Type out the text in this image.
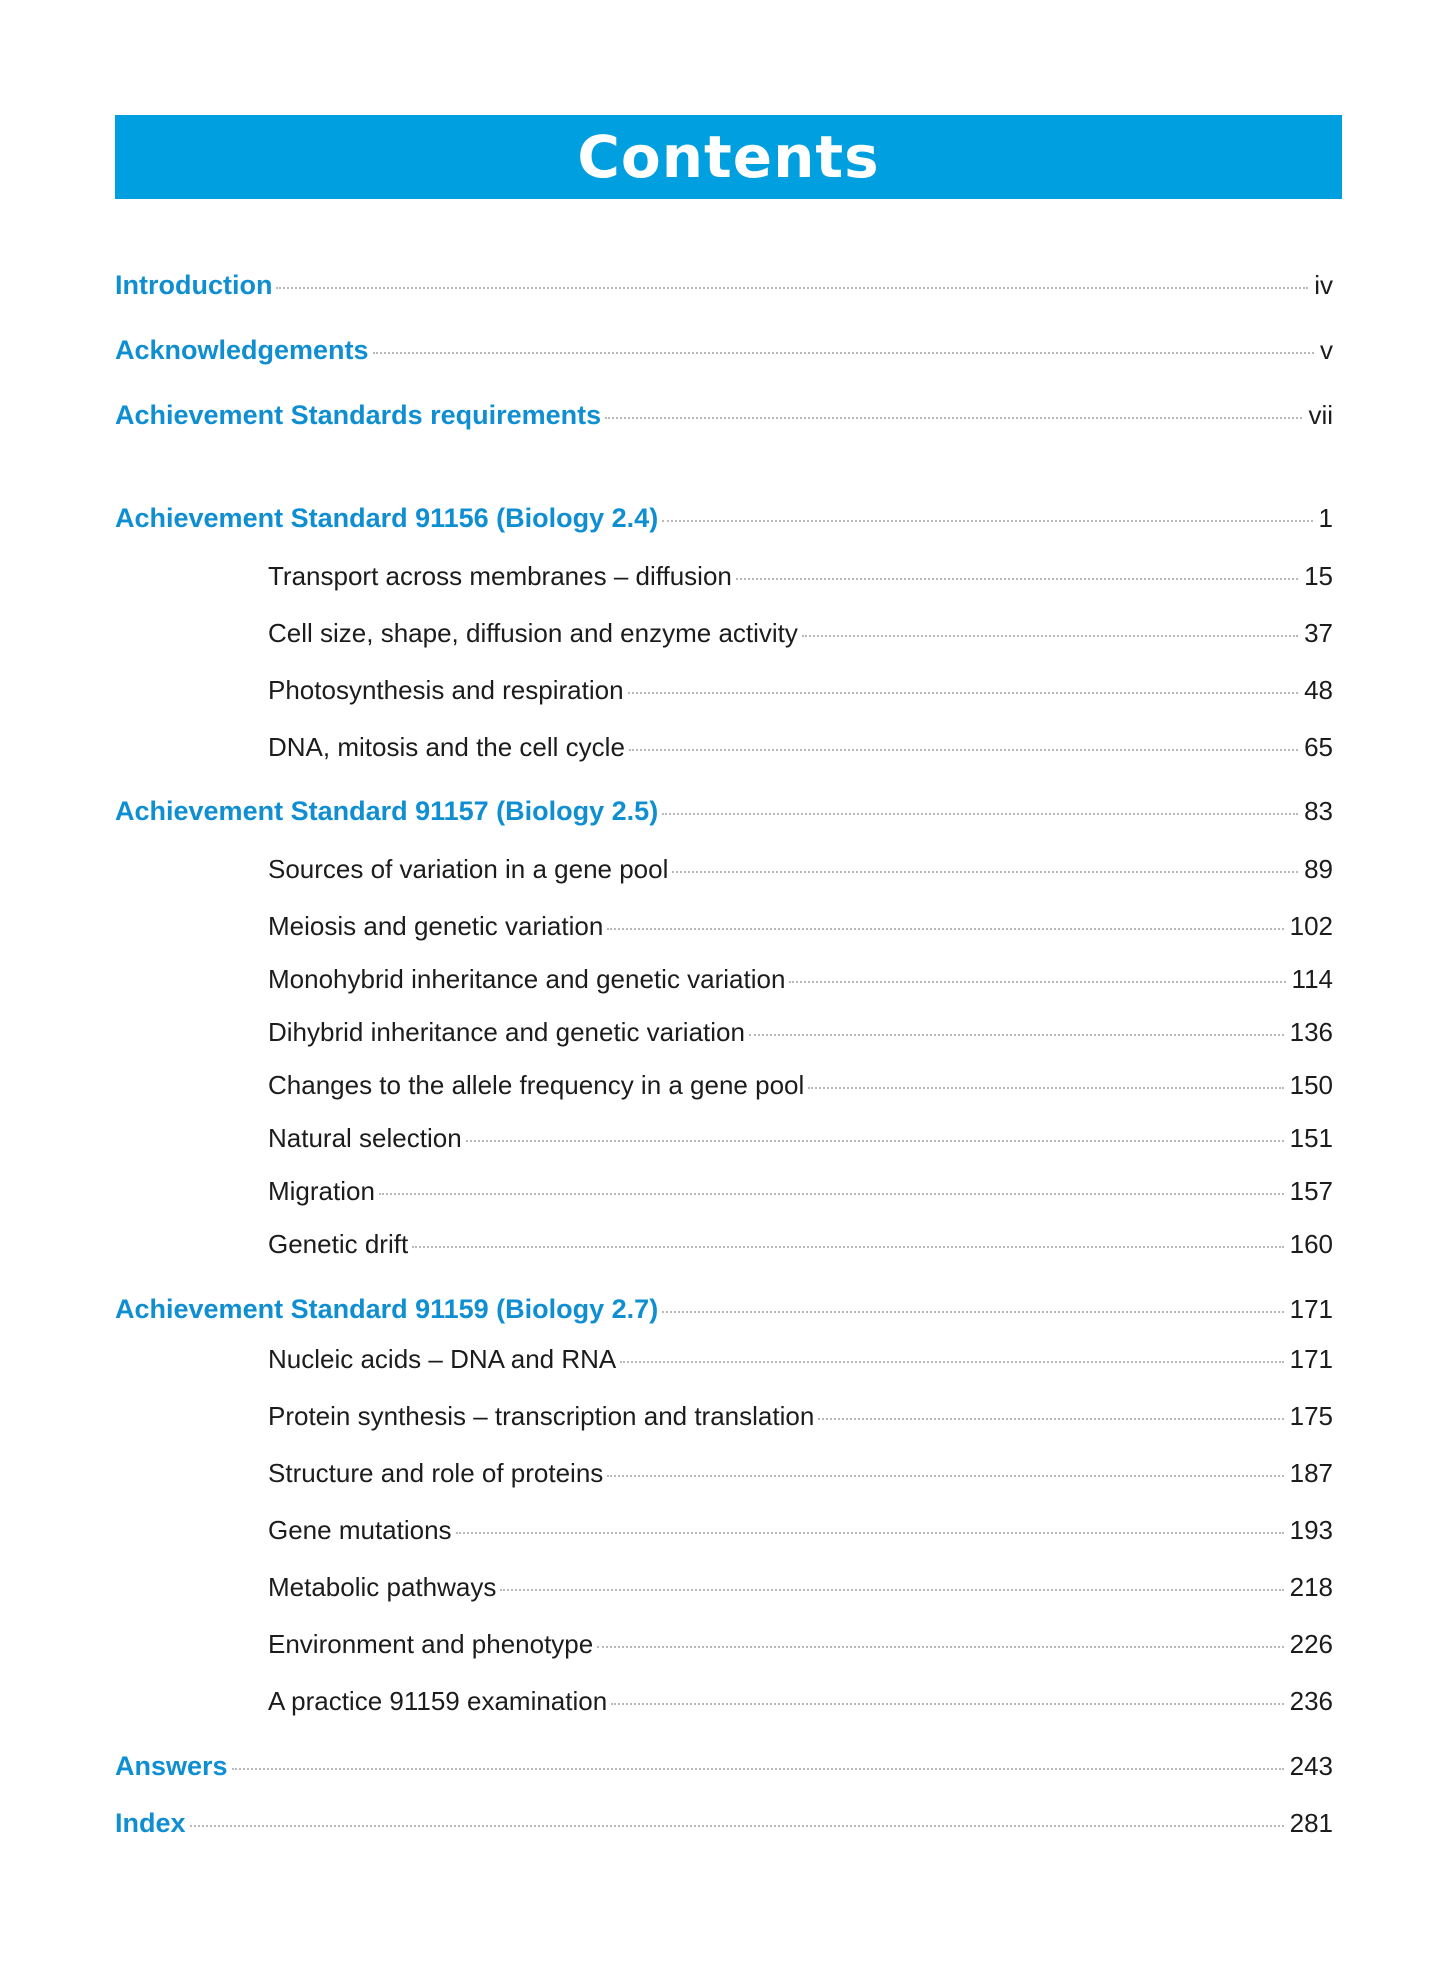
Contents
Introduction	iv
Acknowledgements	v
Achievement Standards requirements	vii
Achievement Standard 91156 (Biology 2.4)	1
Transport across membranes – diffusion	15
Cell size, shape, diffusion and enzyme activity	37
Photosynthesis and respiration	48
DNA, mitosis and the cell cycle	65
Achievement Standard 91157 (Biology 2.5)	83
Sources of variation in a gene pool	89
Meiosis and genetic variation	102
Monohybrid inheritance and genetic variation	114
Dihybrid inheritance and genetic variation	136
Changes to the allele frequency in a gene pool	150
Natural selection	151
Migration	157
Genetic drift	160
Achievement Standard 91159 (Biology 2.7)	171
Nucleic acids – DNA and RNA	171
Protein synthesis – transcription and translation	175
Structure and role of proteins	187
Gene mutations	193
Metabolic pathways	218
Environment and phenotype	226
A practice 91159 examination	236
Answers	243
Index	281
